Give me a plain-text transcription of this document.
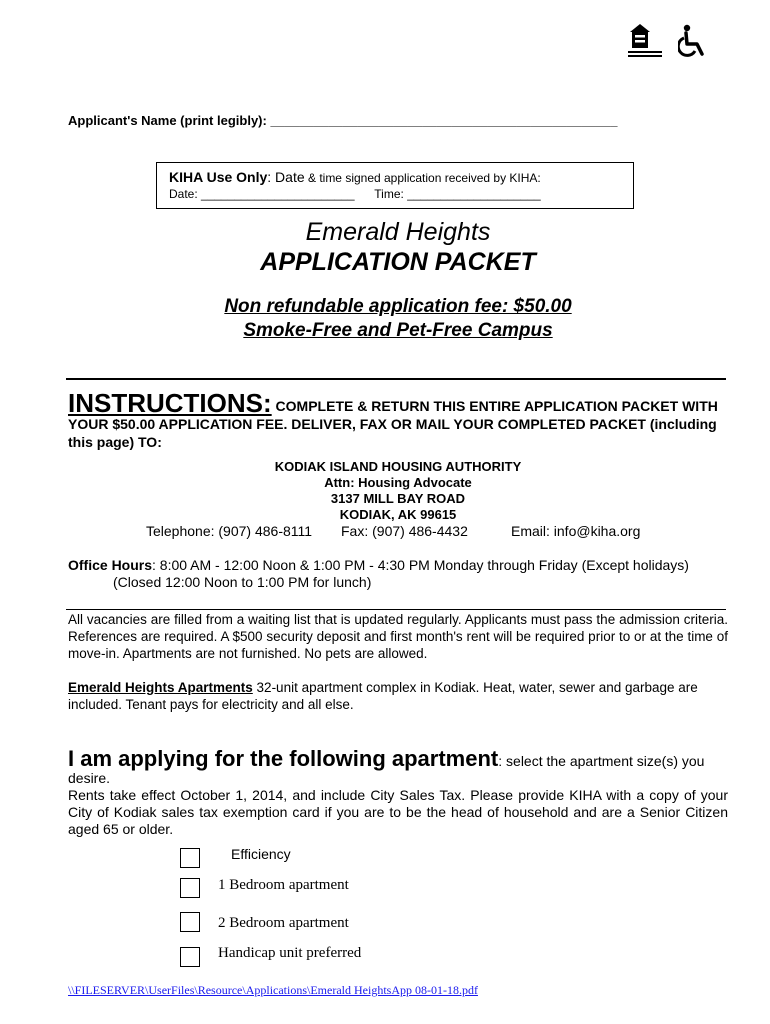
Applicant's Name (print legibly): ________________________________________________
KIHA Use Only: Date & time signed application received by KIHA:
Date: _______________________      Time: ____________________
Emerald Heights
APPLICATION PACKET
Non refundable application fee: $50.00
Smoke-Free and Pet-Free Campus
INSTRUCTIONS: COMPLETE & RETURN THIS ENTIRE APPLICATION PACKET WITH YOUR $50.00 APPLICATION FEE. DELIVER, FAX OR MAIL YOUR COMPLETED PACKET (including this page) TO:
KODIAK ISLAND HOUSING AUTHORITY
Attn: Housing Advocate
3137 MILL BAY ROAD
KODIAK, AK 99615
Telephone: (907) 486-8111 Fax: (907) 486-4432	Email: info@kiha.org
Office Hours: 8:00 AM - 12:00 Noon & 1:00 PM - 4:30 PM Monday through Friday (Except holidays)
(Closed 12:00 Noon to 1:00 PM for lunch)
All vacancies are filled from a waiting list that is updated regularly. Applicants must pass the admission criteria. References are required. A $500 security deposit and first month's rent will be required prior to or at the time of move-in. Apartments are not furnished. No pets are allowed.
Emerald Heights Apartments 32-unit apartment complex in Kodiak. Heat, water, sewer and garbage are included. Tenant pays for electricity and all else.
I am applying for the following apartment: select the apartment size(s) you desire.
Rents take effect October 1, 2014, and include City Sales Tax. Please provide KIHA with a copy of your City of Kodiak sales tax exemption card if you are to be the head of household and are a Senior Citizen aged 65 or older.
Efficiency
1 Bedroom apartment
2 Bedroom apartment
Handicap unit preferred
\\FILESERVER\UserFiles\Resource\Applications\Emerald HeightsApp 08-01-18.pdf
